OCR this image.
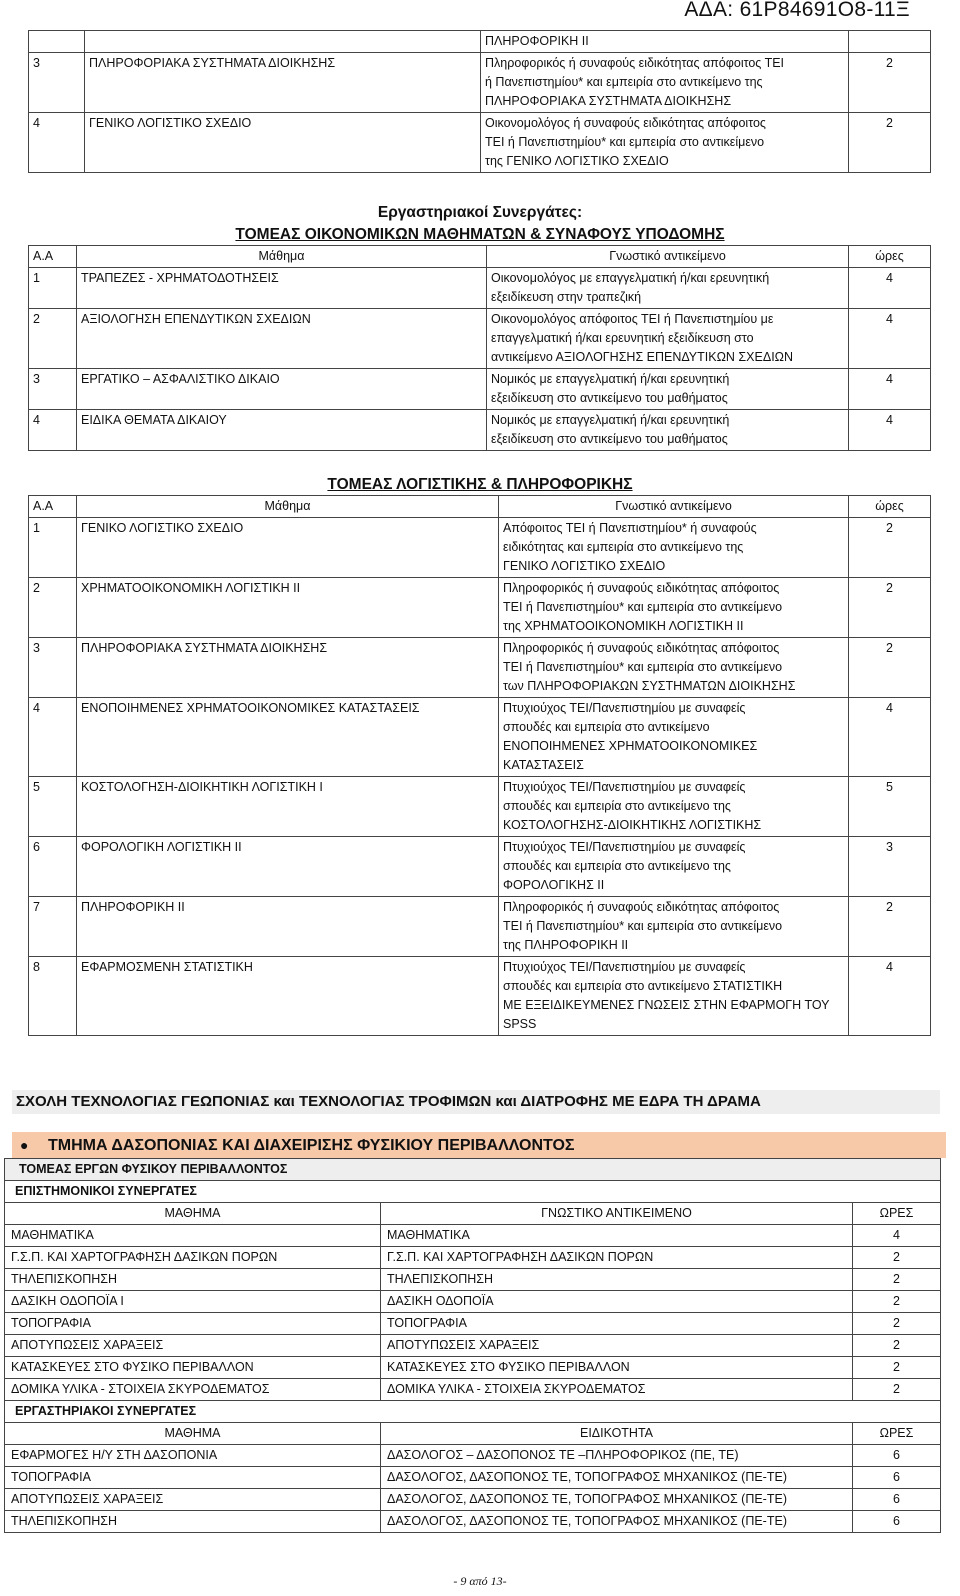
ΑΔΑ: 61Ρ84691Ο8-11Ξ

		ΠΛΗΡΟΦΟΡΙΚΗ ΙΙ	

3	ΠΛΗΡΟΦΟΡΙΑΚΑ ΣΥΣΤΗΜΑΤΑ ΔΙΟΙΚΗΣΗΣ	Πληροφορικός ή συναφούς ειδικότητας απόφοιτος ΤΕΙ
ή Πανεπιστημίου* και εμπειρία στο αντικείμενο της
ΠΛΗΡΟΦΟΡΙΑΚΑ ΣΥΣΤΗΜΑΤΑ ΔΙΟΙΚΗΣΗΣ	2
4	ΓΕΝΙΚΟ ΛΟΓΙΣΤΙΚΟ ΣΧΕΔΙΟ	Οικονομολόγος ή συναφούς ειδικότητας απόφοιτος
ΤΕΙ ή Πανεπιστημίου* και εμπειρία στο αντικείμενο
της ΓΕΝΙΚΟ ΛΟΓΙΣΤΙΚΟ ΣΧΕΔΙΟ	2
Εργαστηριακοί Συνεργάτες:
ΤΟΜΕΑΣ ΟΙΚΟΝΟΜΙΚΩΝ ΜΑΘΗΜΑΤΩΝ & ΣΥΝΑΦΟΥΣ ΥΠΟΔΟΜΗΣ
Α.Α	Μάθημα	Γνωστικό αντικείμενο	ώρες
1	ΤΡΑΠΕΖΕΣ - ΧΡΗΜΑΤΟΔΟΤΗΣΕΙΣ	Οικονομολόγος με επαγγελματική ή/και ερευνητική
εξειδίκευση στην τραπεζική	4
2	ΑΞΙΟΛΟΓΗΣΗ ΕΠΕΝΔΥΤΙΚΩΝ ΣΧΕΔΙΩΝ	Οικονομολόγος απόφοιτος ΤΕΙ ή Πανεπιστημίου με
επαγγελματική ή/και ερευνητική εξειδίκευση στο
αντικείμενο ΑΞΙΟΛΟΓΗΣΗΣ ΕΠΕΝΔΥΤΙΚΩΝ ΣΧΕΔΙΩΝ	4
3	ΕΡΓΑΤΙΚΟ – ΑΣΦΑΛΙΣΤΙΚΟ ΔΙΚΑΙΟ	Νομικός με επαγγελματική ή/και ερευνητική
εξειδίκευση στο αντικείμενο του μαθήματος	4
4	ΕΙΔΙΚΑ ΘΕΜΑΤΑ ΔΙΚΑΙΟΥ	Νομικός με επαγγελματική ή/και ερευνητική
εξειδίκευση στο αντικείμενο του μαθήματος	4
ΤΟΜΕΑΣ ΛΟΓΙΣΤΙΚΗΣ & ΠΛΗΡΟΦΟΡΙΚΗΣ
Α.Α	Μάθημα	Γνωστικό αντικείμενο	ώρες
1	ΓΕΝΙΚΟ ΛΟΓΙΣΤΙΚΟ ΣΧΕΔΙΟ	Απόφοιτος ΤΕΙ ή Πανεπιστημίου* ή συναφούς
ειδικότητας και εμπειρία στο αντικείμενο της
ΓΕΝΙΚΟ ΛΟΓΙΣΤΙΚΟ ΣΧΕΔΙΟ	2
2	ΧΡΗΜΑΤΟΟΙΚΟΝΟΜΙΚΗ ΛΟΓΙΣΤΙΚΗ ΙΙ	Πληροφορικός ή συναφούς ειδικότητας απόφοιτος
ΤΕΙ ή Πανεπιστημίου* και εμπειρία στο αντικείμενο
της ΧΡΗΜΑΤΟΟΙΚΟΝΟΜΙΚΗ ΛΟΓΙΣΤΙΚΗ ΙΙ	2
3	ΠΛΗΡΟΦΟΡΙΑΚΑ ΣΥΣΤΗΜΑΤΑ ΔΙΟΙΚΗΣΗΣ	Πληροφορικός ή συναφούς ειδικότητας απόφοιτος
ΤΕΙ ή Πανεπιστημίου* και εμπειρία στο αντικείμενο
των ΠΛΗΡΟΦΟΡΙΑΚΩΝ ΣΥΣΤΗΜΑΤΩΝ ΔΙΟΙΚΗΣΗΣ	2
4	ΕΝΟΠΟΙΗΜΕΝΕΣ ΧΡΗΜΑΤΟΟΙΚΟΝΟΜΙΚΕΣ ΚΑΤΑΣΤΑΣΕΙΣ	Πτυχιούχος ΤΕΙ/Πανεπιστημίου με συναφείς
σπουδές και εμπειρία στο αντικείμενο
ΕΝΟΠΟΙΗΜΕΝΕΣ ΧΡΗΜΑΤΟΟΙΚΟΝΟΜΙΚΕΣ
ΚΑΤΑΣΤΑΣΕΙΣ	4
5	ΚΟΣΤΟΛΟΓΗΣΗ-ΔΙΟΙΚΗΤΙΚΗ ΛΟΓΙΣΤΙΚΗ Ι	Πτυχιούχος ΤΕΙ/Πανεπιστημίου με συναφείς
σπουδές και εμπειρία στο αντικείμενο της
ΚΟΣΤΟΛΟΓΗΣΗΣ-ΔΙΟΙΚΗΤΙΚΗΣ ΛΟΓΙΣΤΙΚΗΣ	5
6	ΦΟΡΟΛΟΓΙΚΗ ΛΟΓΙΣΤΙΚΗ ΙΙ	Πτυχιούχος ΤΕΙ/Πανεπιστημίου με συναφείς
σπουδές και εμπειρία στο αντικείμενο της
ΦΟΡΟΛΟΓΙΚΗΣ ΙΙ	3
7	ΠΛΗΡΟΦΟΡΙΚΗ ΙΙ	Πληροφορικός ή συναφούς ειδικότητας απόφοιτος
ΤΕΙ ή Πανεπιστημίου* και εμπειρία στο αντικείμενο
της ΠΛΗΡΟΦΟΡΙΚΗ ΙΙ	2
8	ΕΦΑΡΜΟΣΜΕΝΗ ΣΤΑΤΙΣΤΙΚΗ	Πτυχιούχος ΤΕΙ/Πανεπιστημίου με συναφείς
σπουδές και εμπειρία στο αντικείμενο ΣΤΑΤΙΣΤΙΚΗ
ΜΕ ΕΞΕΙΔΙΚΕΥΜΕΝΕΣ ΓΝΩΣΕΙΣ ΣΤΗΝ ΕΦΑΡΜΟΓΗ ΤΟΥ
SPSS	4
ΣΧΟΛΗ ΤΕΧΝΟΛΟΓΙΑΣ ΓΕΩΠΟΝΙΑΣ και ΤΕΧΝΟΛΟΓΙΑΣ ΤΡΟΦΙΜΩΝ και ΔΙΑΤΡΟΦΗΣ ΜΕ ΕΔΡΑ ΤΗ ΔΡΑΜΑ
● ΤΜΗΜΑ ΔΑΣΟΠΟΝΙΑΣ ΚΑΙ ΔΙΑΧΕΙΡΙΣΗΣ ΦΥΣΙΚΙΟΥ ΠΕΡΙΒΑΛΛΟΝΤΟΣ
ΤΟΜΕΑΣ ΕΡΓΩΝ ΦΥΣΙΚΟΥ ΠΕΡΙΒΑΛΛΟΝΤΟΣ		
ΕΠΙΣΤΗΜΟΝΙΚΟΙ ΣΥΝΕΡΓΑΤΕΣ		
ΜΑΘΗΜΑ	ΓΝΩΣΤΙΚΟ ΑΝΤΙΚΕΙΜΕΝΟ	ΩΡΕΣ
ΜΑΘΗΜΑΤΙΚΑ	ΜΑΘΗΜΑΤΙΚΑ	4
Γ.Σ.Π. ΚΑΙ ΧΑΡΤΟΓΡΑΦΗΣΗ ΔΑΣΙΚΩΝ ΠΟΡΩΝ	Γ.Σ.Π. ΚΑΙ ΧΑΡΤΟΓΡΑΦΗΣΗ ΔΑΣΙΚΩΝ ΠΟΡΩΝ	2
ΤΗΛΕΠΙΣΚΟΠΗΣΗ	ΤΗΛΕΠΙΣΚΟΠΗΣΗ	2
ΔΑΣΙΚΗ ΟΔΟΠΟΪΑ Ι	ΔΑΣΙΚΗ ΟΔΟΠΟΪΑ	2
ΤΟΠΟΓΡΑΦΙΑ	ΤΟΠΟΓΡΑΦΙΑ	2
ΑΠΟΤΥΠΩΣΕΙΣ ΧΑΡΑΞΕΙΣ	ΑΠΟΤΥΠΩΣΕΙΣ ΧΑΡΑΞΕΙΣ	2
ΚΑΤΑΣΚΕΥΕΣ ΣΤΟ ΦΥΣΙΚΟ ΠΕΡΙΒΑΛΛΟΝ	ΚΑΤΑΣΚΕΥΕΣ ΣΤΟ ΦΥΣΙΚΟ ΠΕΡΙΒΑΛΛΟΝ	2
ΔΟΜΙΚΑ ΥΛΙΚΑ - ΣΤΟΙΧΕΙΑ ΣΚΥΡΟΔΕΜΑΤΟΣ	ΔΟΜΙΚΑ ΥΛΙΚΑ - ΣΤΟΙΧΕΙΑ ΣΚΥΡΟΔΕΜΑΤΟΣ	2
ΕΡΓΑΣΤΗΡΙΑΚΟΙ ΣΥΝΕΡΓΑΤΕΣ		
ΜΑΘΗΜΑ	ΕΙΔΙΚΟΤΗΤΑ	ΩΡΕΣ
ΕΦΑΡΜΟΓΕΣ Η/Υ ΣΤΗ ΔΑΣΟΠΟΝΙΑ	ΔΑΣΟΛΟΓΟΣ – ΔΑΣΟΠΟΝΟΣ ΤΕ –ΠΛΗΡΟΦΟΡΙΚΟΣ (ΠΕ, ΤΕ)	6
ΤΟΠΟΓΡΑΦΙΑ	ΔΑΣΟΛΟΓΟΣ, ΔΑΣΟΠΟΝΟΣ ΤΕ, ΤΟΠΟΓΡΑΦΟΣ ΜΗΧΑΝΙΚΟΣ (ΠΕ-ΤΕ)	6
ΑΠΟΤΥΠΩΣΕΙΣ ΧΑΡΑΞΕΙΣ	ΔΑΣΟΛΟΓΟΣ, ΔΑΣΟΠΟΝΟΣ ΤΕ, ΤΟΠΟΓΡΑΦΟΣ ΜΗΧΑΝΙΚΟΣ (ΠΕ-ΤΕ)	6
ΤΗΛΕΠΙΣΚΟΠΗΣΗ	ΔΑΣΟΛΟΓΟΣ, ΔΑΣΟΠΟΝΟΣ ΤΕ, ΤΟΠΟΓΡΑΦΟΣ ΜΗΧΑΝΙΚΟΣ (ΠΕ-ΤΕ)	6
- 9 από 13-
